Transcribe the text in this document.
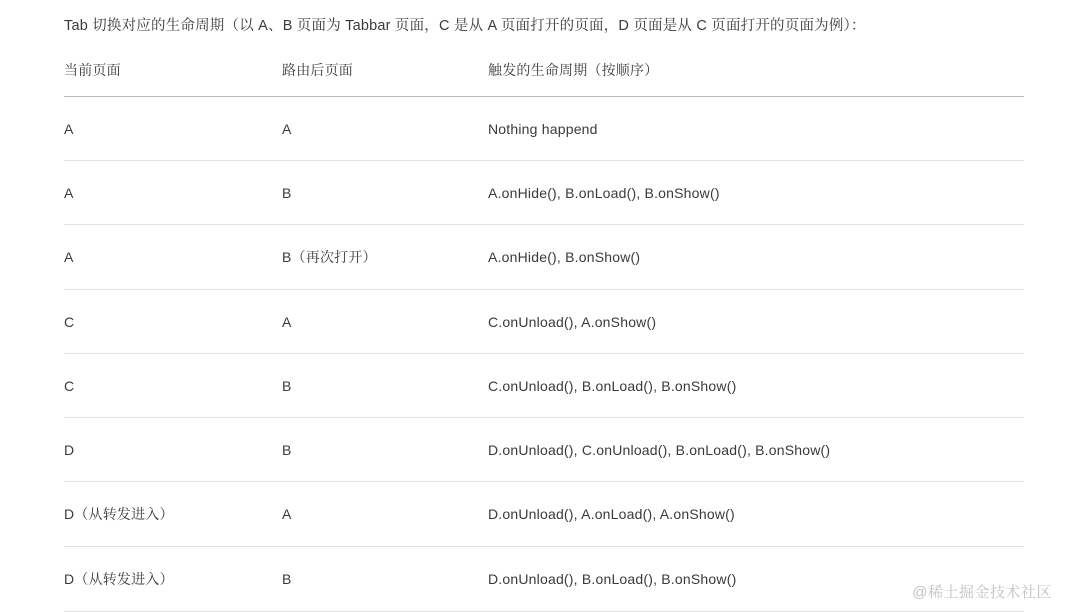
Tab 切换对应的生命周期（以 A、B 页面为 Tabbar 页面，C 是从 A 页面打开的页面，D 页面是从 C 页面打开的页面为例）：
当前页面	路由后页面	触发的生命周期（按顺序）
A	A	Nothing happend
A	B	A.onHide(), B.onLoad(), B.onShow()
A	B（再次打开）	A.onHide(), B.onShow()
C	A	C.onUnload(), A.onShow()
C	B	C.onUnload(), B.onLoad(), B.onShow()
D	B	D.onUnload(), C.onUnload(), B.onLoad(), B.onShow()
D（从转发进入）	A	D.onUnload(), A.onLoad(), A.onShow()
D（从转发进入）	B	D.onUnload(), B.onLoad(), B.onShow()
@稀土掘金技术社区
